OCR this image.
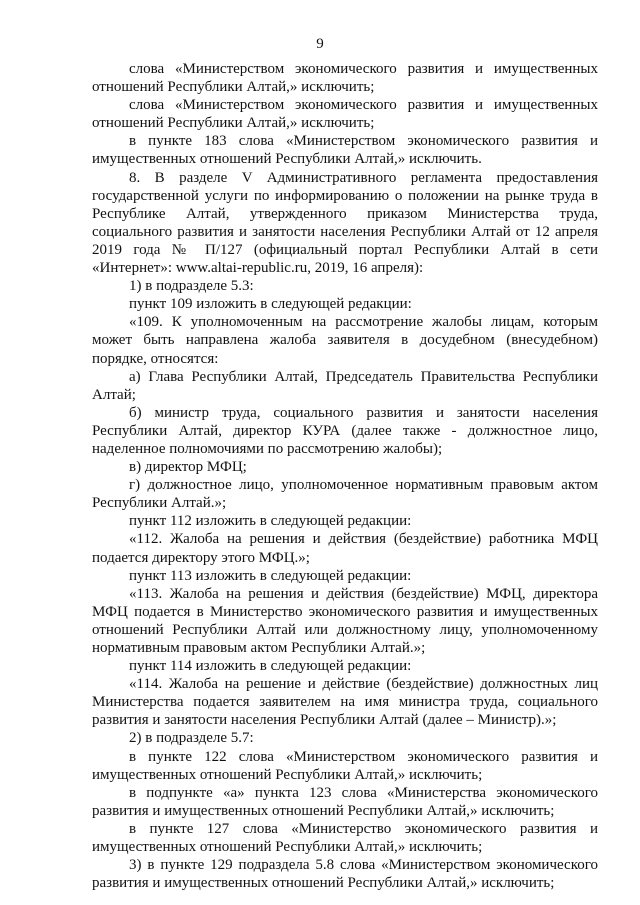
9

слова «Министерством экономического развития и имущественных отношений Республики Алтай,» исключить;

слова «Министерством экономического развития и имущественных отношений Республики Алтай,» исключить;

в пункте 183 слова «Министерством экономического развития и имущественных отношений Республики Алтай,» исключить.

8. В разделе V Административного регламента предоставления государственной услуги по информированию о положении на рынке труда в Республике Алтай, утвержденного приказом Министерства труда, социального развития и занятости населения Республики Алтай от 12 апреля 2019 года № П/127 (официальный портал Республики Алтай в сети «Интернет»: www.altai-republic.ru, 2019, 16 апреля):

1) в подразделе 5.3:

пункт 109 изложить в следующей редакции:

«109. К уполномоченным на рассмотрение жалобы лицам, которым может быть направлена жалоба заявителя в досудебном (внесудебном) порядке, относятся:

а) Глава Республики Алтай, Председатель Правительства Республики Алтай;

б) министр труда, социального развития и занятости населения Республики Алтай, директор КУРА (далее также - должностное лицо, наделенное полномочиями по рассмотрению жалобы);

в) директор МФЦ;

г) должностное лицо, уполномоченное нормативным правовым актом Республики Алтай.»;

пункт 112 изложить в следующей редакции:

«112. Жалоба на решения и действия (бездействие) работника МФЦ подается директору этого МФЦ.»;

пункт 113 изложить в следующей редакции:

«113. Жалоба на решения и действия (бездействие) МФЦ, директора МФЦ подается в Министерство экономического развития и имущественных отношений Республики Алтай или должностному лицу, уполномоченному нормативным правовым актом Республики Алтай.»;

пункт 114 изложить в следующей редакции:

«114. Жалоба на решение и действие (бездействие) должностных лиц Министерства подается заявителем на имя министра труда, социального развития и занятости населения Республики Алтай (далее – Министр).»;

2) в подразделе 5.7:

в пункте 122 слова «Министерством экономического развития и имущественных отношений Республики Алтай,» исключить;

в подпункте «а» пункта 123 слова «Министерства экономического развития и имущественных отношений Республики Алтай,» исключить;

в пункте 127 слова «Министерство экономического развития и имущественных отношений Республики Алтай,» исключить;

3) в пункте 129 подраздела 5.8 слова «Министерством экономического развития и имущественных отношений Республики Алтай,» исключить;
